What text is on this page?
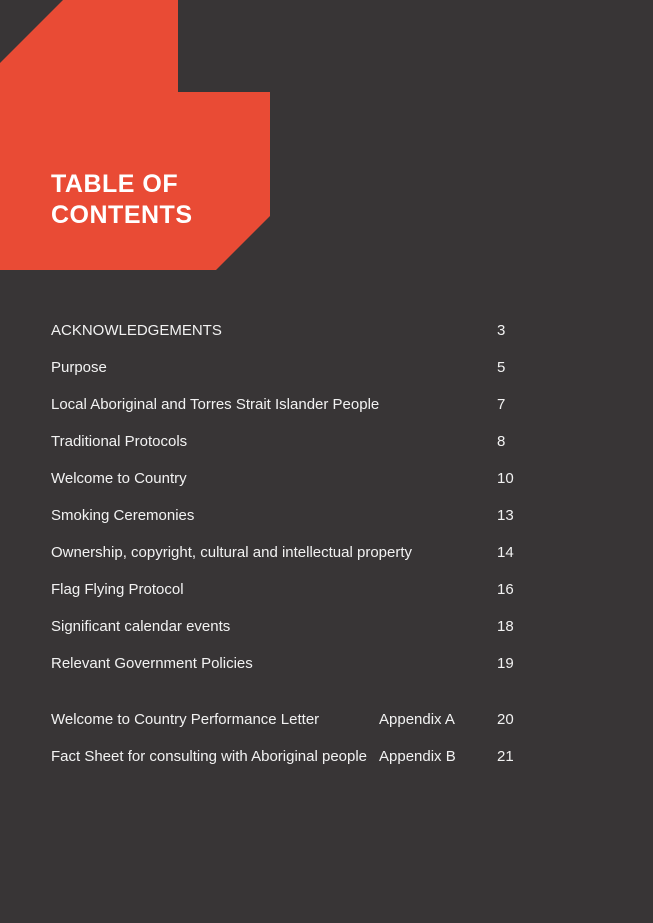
TABLE OF
CONTENTS
ACKNOWLEDGEMENTS	3
Purpose	5
Local Aboriginal and Torres Strait Islander People	7
Traditional Protocols	8
Welcome to Country	10
Smoking Ceremonies	13
Ownership, copyright, cultural and intellectual property	14
Flag Flying Protocol	16
Significant calendar events	18
Relevant Government Policies	19
Welcome to Country Performance Letter	Appendix A	20
Fact Sheet for consulting with Aboriginal people Appendix B	21
